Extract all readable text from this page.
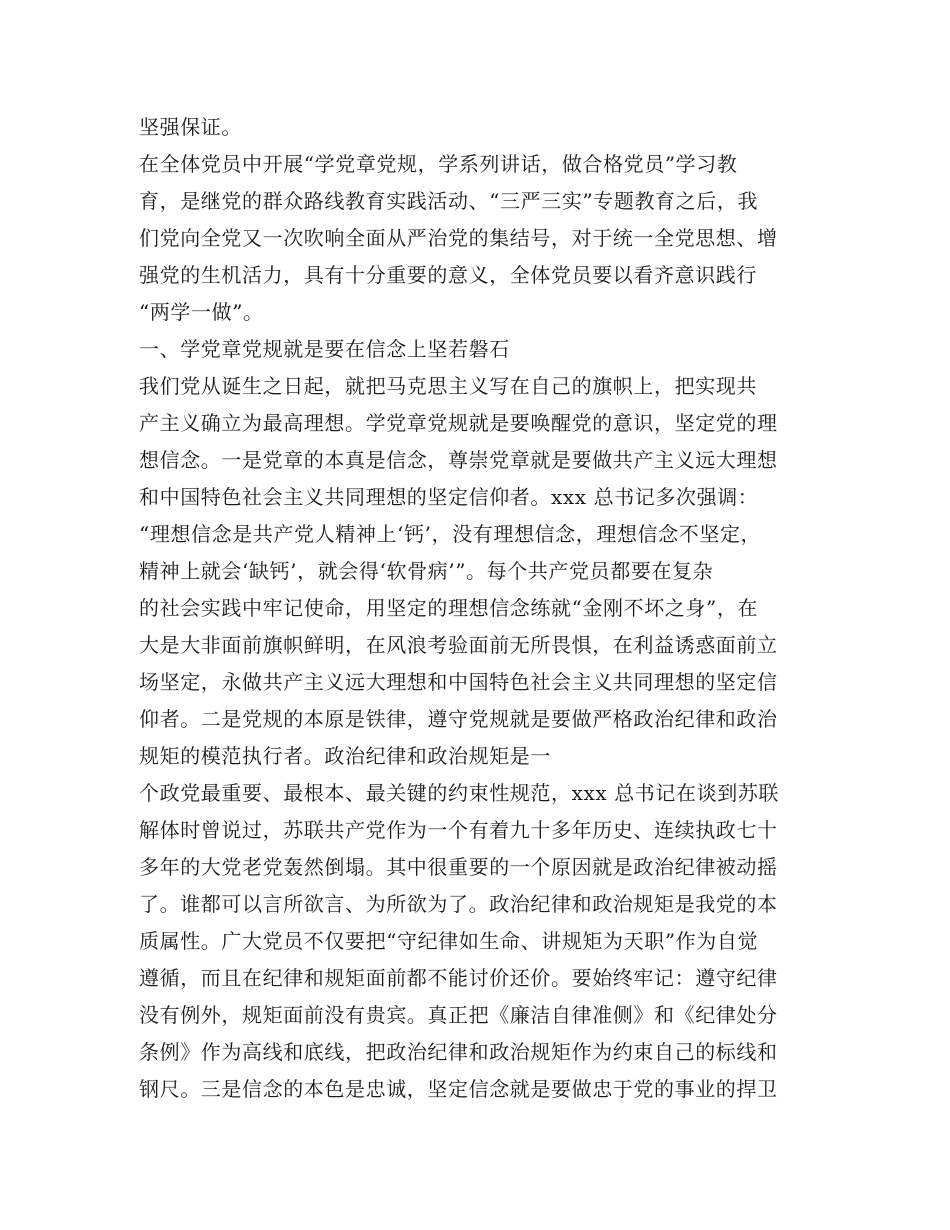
坚强保证。
在全体党员中开展“学党章党规，学系列讲话，做合格党员”学习教
育，是继党的群众路线教育实践活动、“三严三实”专题教育之后，我
们党向全党又一次吹响全面从严治党的集结号，对于统一全党思想、增
强党的生机活力，具有十分重要的意义，全体党员要以看齐意识践行
“两学一做”。
一、学党章党规就是要在信念上坚若磐石
我们党从诞生之日起，就把马克思主义写在自己的旗帜上，把实现共
产主义确立为最高理想。学党章党规就是要唤醒党的意识，坚定党的理
想信念。一是党章的本真是信念，尊崇党章就是要做共产主义远大理想
和中国特色社会主义共同理想的坚定信仰者。xxx 总书记多次强调：
“理想信念是共产党人精神上‘钙’，没有理想信念，理想信念不坚定，
精神上就会‘缺钙’，就会得‘软骨病’”。每个共产党员都要在复杂
的社会实践中牢记使命，用坚定的理想信念练就“金刚不坏之身”，在
大是大非面前旗帜鲜明，在风浪考验面前无所畏惧，在利益诱惑面前立
场坚定，永做共产主义远大理想和中国特色社会主义共同理想的坚定信
仰者。二是党规的本原是铁律，遵守党规就是要做严格政治纪律和政治
规矩的模范执行者。政治纪律和政治规矩是一
个政党最重要、最根本、最关键的约束性规范，xxx 总书记在谈到苏联
解体时曾说过，苏联共产党作为一个有着九十多年历史、连续执政七十
多年的大党老党轰然倒塌。其中很重要的一个原因就是政治纪律被动摇
了。谁都可以言所欲言、为所欲为了。政治纪律和政治规矩是我党的本
质属性。广大党员不仅要把“守纪律如生命、讲规矩为天职”作为自觉
遵循，而且在纪律和规矩面前都不能讨价还价。要始终牢记：遵守纪律
没有例外，规矩面前没有贵宾。真正把《廉洁自律准侧》和《纪律处分
条例》作为高线和底线，把政治纪律和政治规矩作为约束自己的标线和
钢尺。三是信念的本色是忠诚，坚定信念就是要做忠于党的事业的捍卫
